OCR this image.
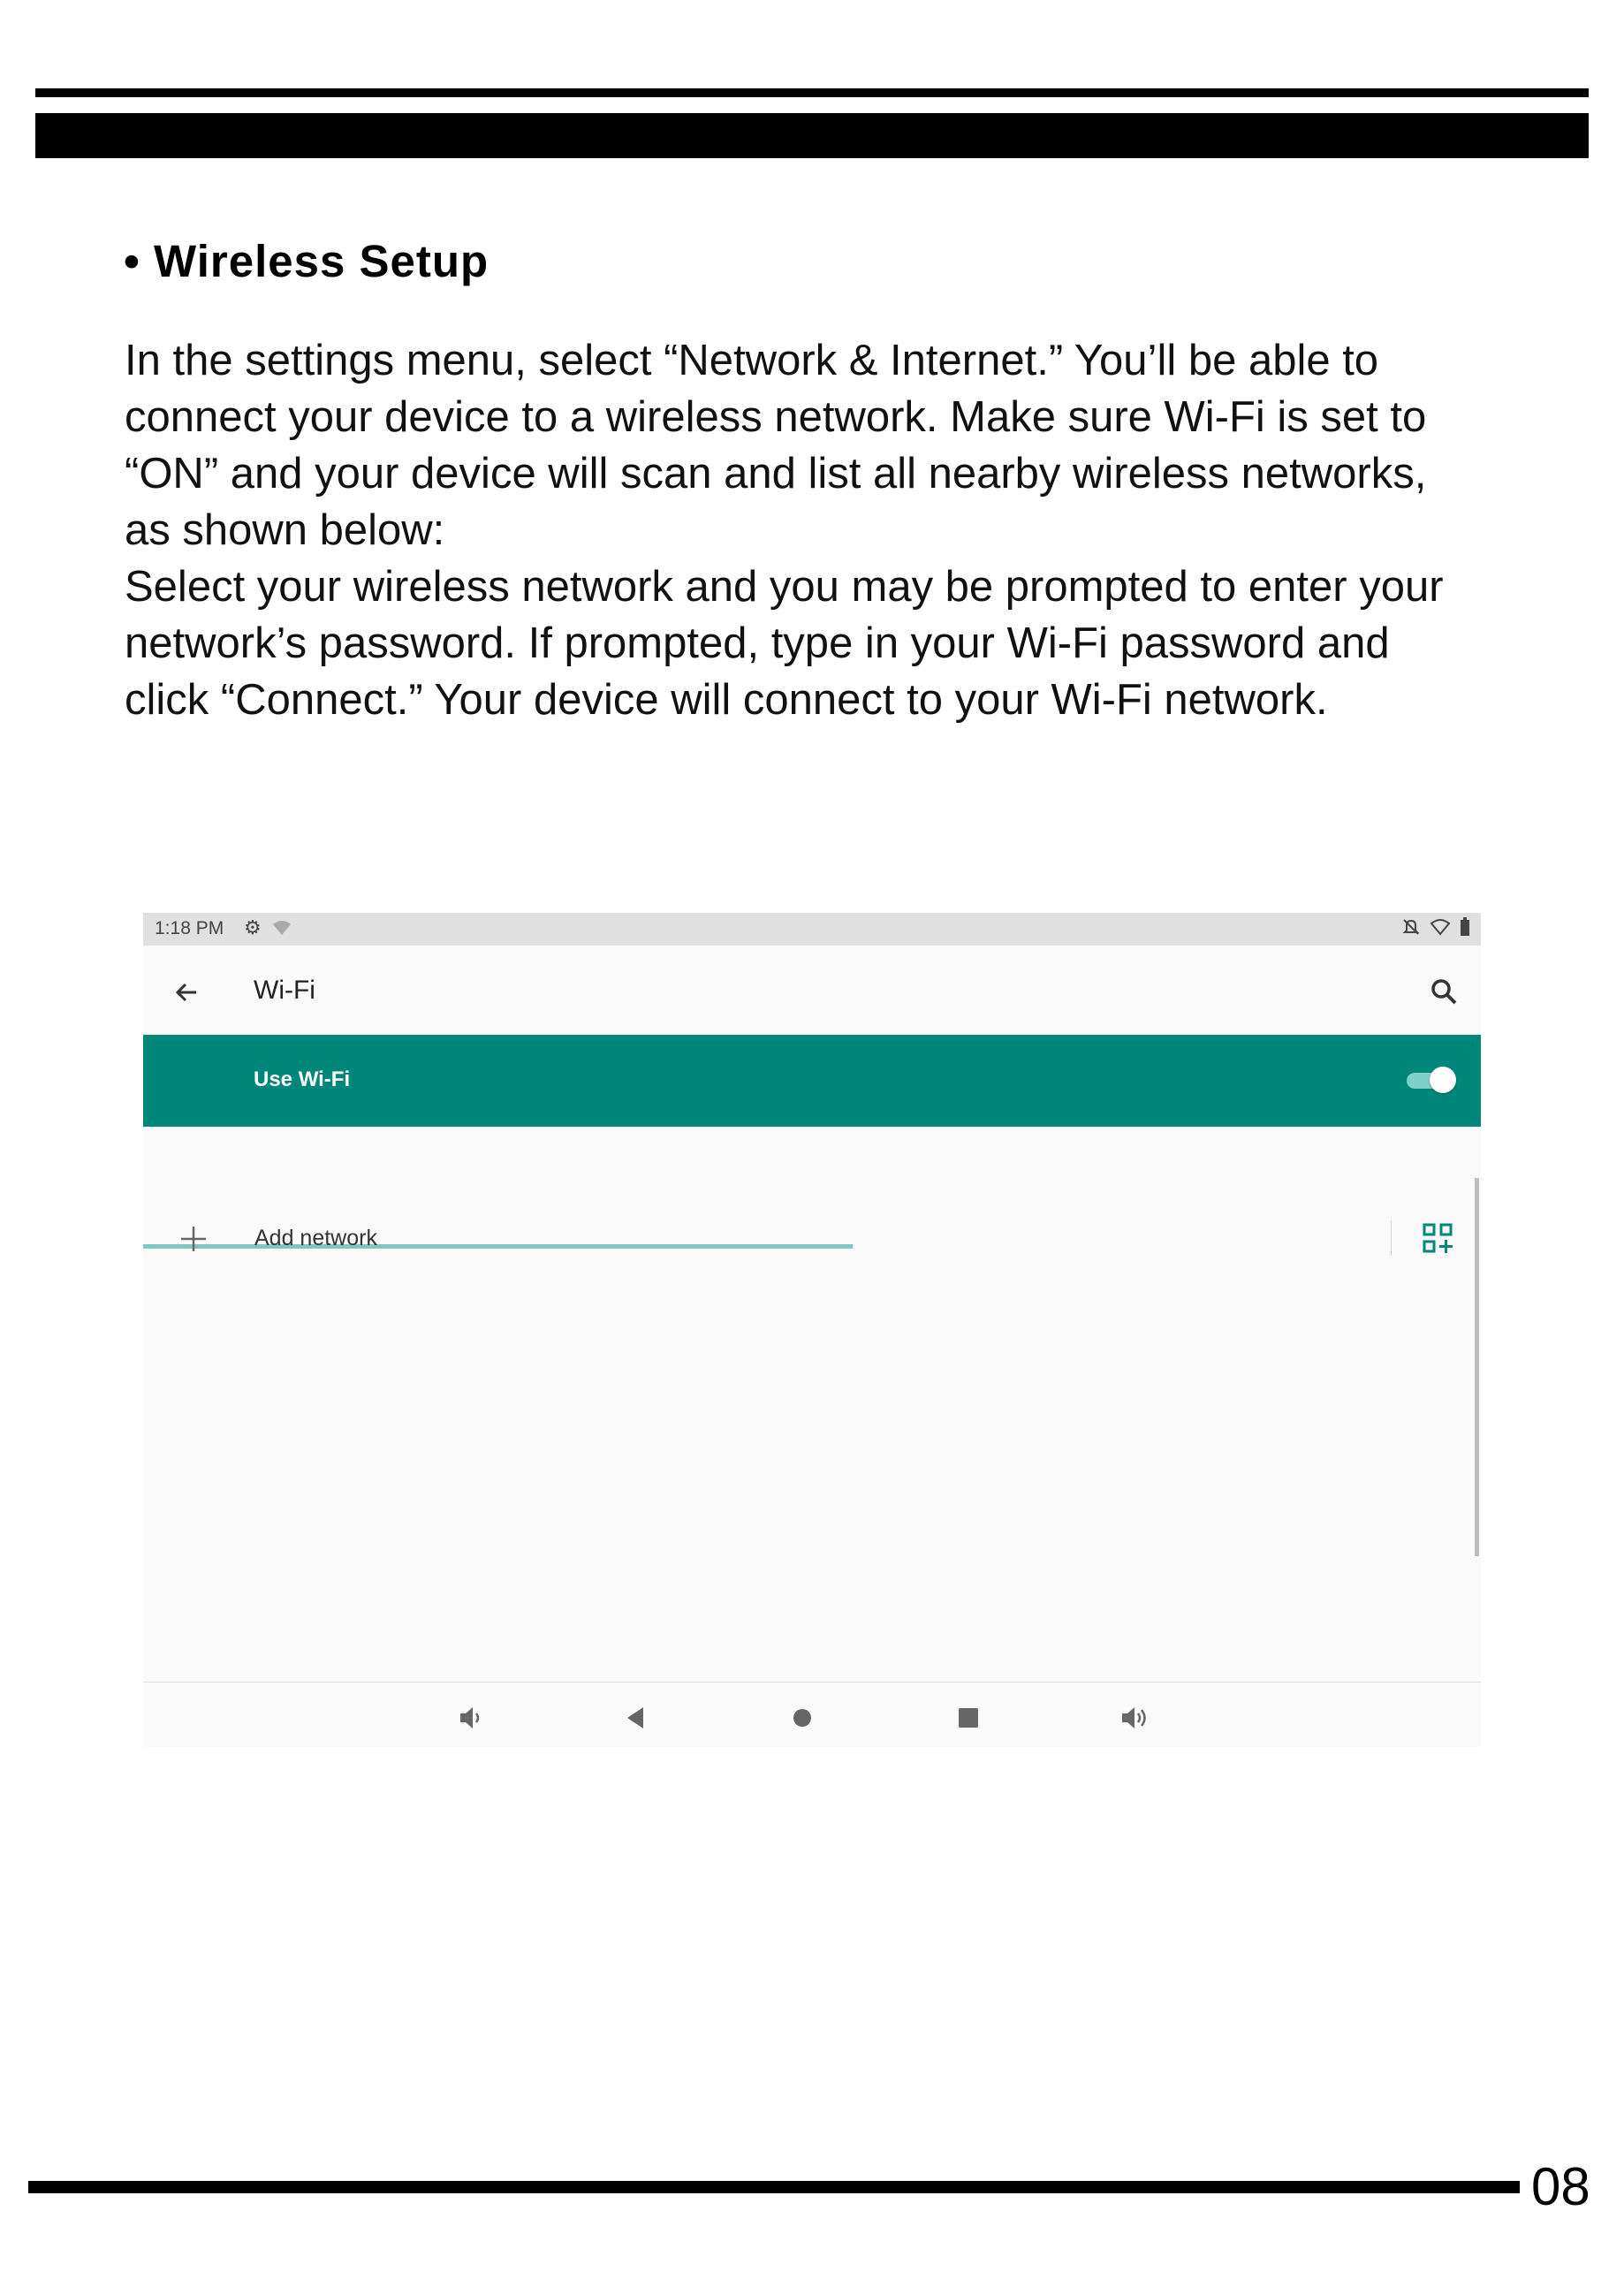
• Wireless Setup

In the settings menu, select “Network & Internet.” You’ll be able to

connect your device to a wireless network. Make sure Wi-Fi is set to

“ON” and your device will scan and list all nearby wireless networks,

as shown below:

Select your wireless network and you may be prompted to enter your

network’s password. If prompted, type in your Wi-Fi password and

click “Connect.” Your device will connect to your Wi-Fi network.

1:18 PM ⚙
Wi-Fi
Use Wi-Fi
Add network
08
